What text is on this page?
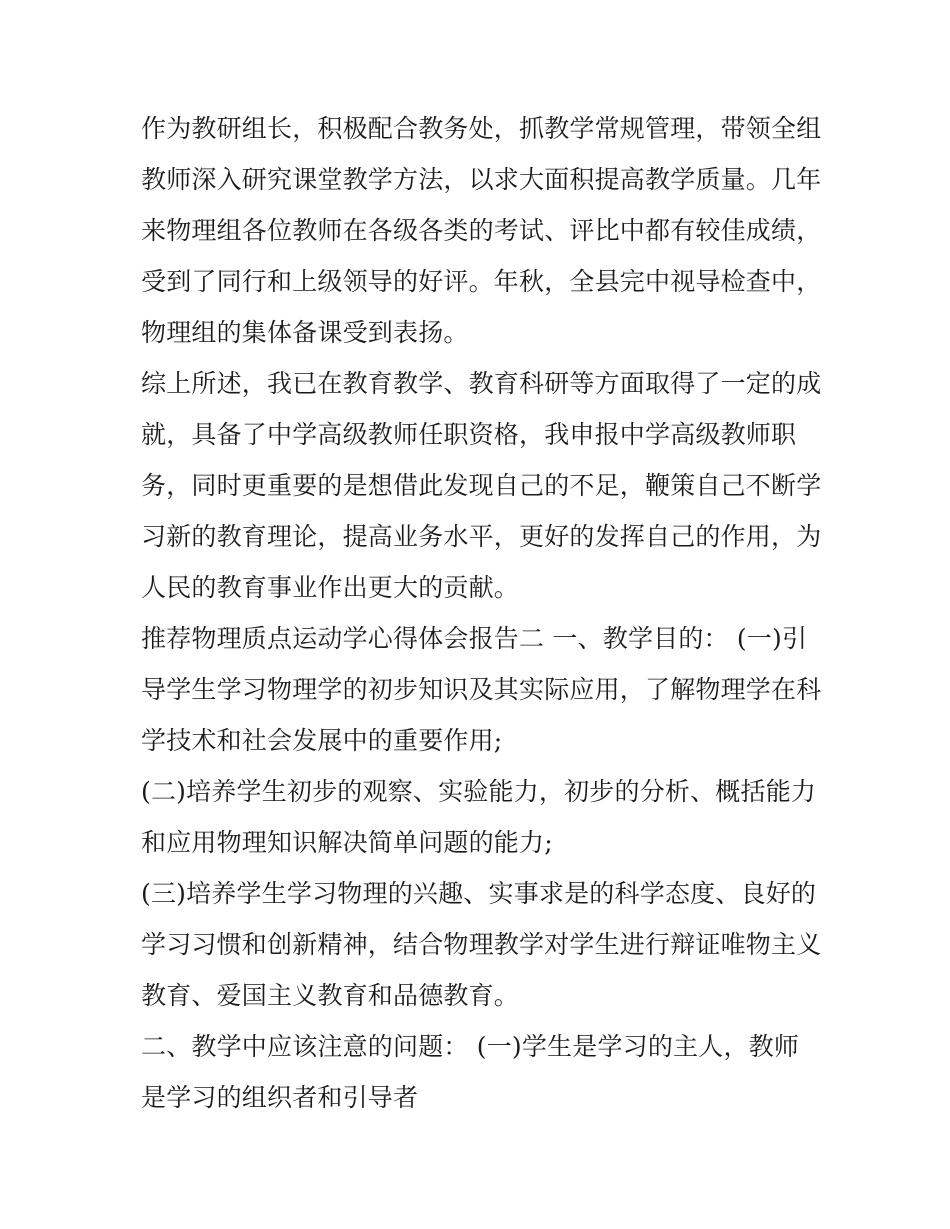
作为教研组长，积极配合教务处，抓教学常规管理，带领全组

教师深入研究课堂教学方法，以求大面积提高教学质量。几年

来物理组各位教师在各级各类的考试、评比中都有较佳成绩，

受到了同行和上级领导的好评。年秋，全县完中视导检查中，

物理组的集体备课受到表扬。

综上所述，我已在教育教学、教育科研等方面取得了一定的成

就，具备了中学高级教师任职资格，我申报中学高级教师职

务，同时更重要的是想借此发现自己的不足，鞭策自己不断学

习新的教育理论，提高业务水平，更好的发挥自己的作用，为

人民的教育事业作出更大的贡献。

推荐物理质点运动学心得体会报告二 一、教学目的： (一)引

导学生学习物理学的初步知识及其实际应用，了解物理学在科

学技术和社会发展中的重要作用;

(二)培养学生初步的观察、实验能力，初步的分析、概括能力

和应用物理知识解决简单问题的能力;

(三)培养学生学习物理的兴趣、实事求是的科学态度、良好的

学习习惯和创新精神，结合物理教学对学生进行辩证唯物主义

教育、爱国主义教育和品德教育。

二、教学中应该注意的问题： (一)学生是学习的主人，教师

是学习的组织者和引导者
